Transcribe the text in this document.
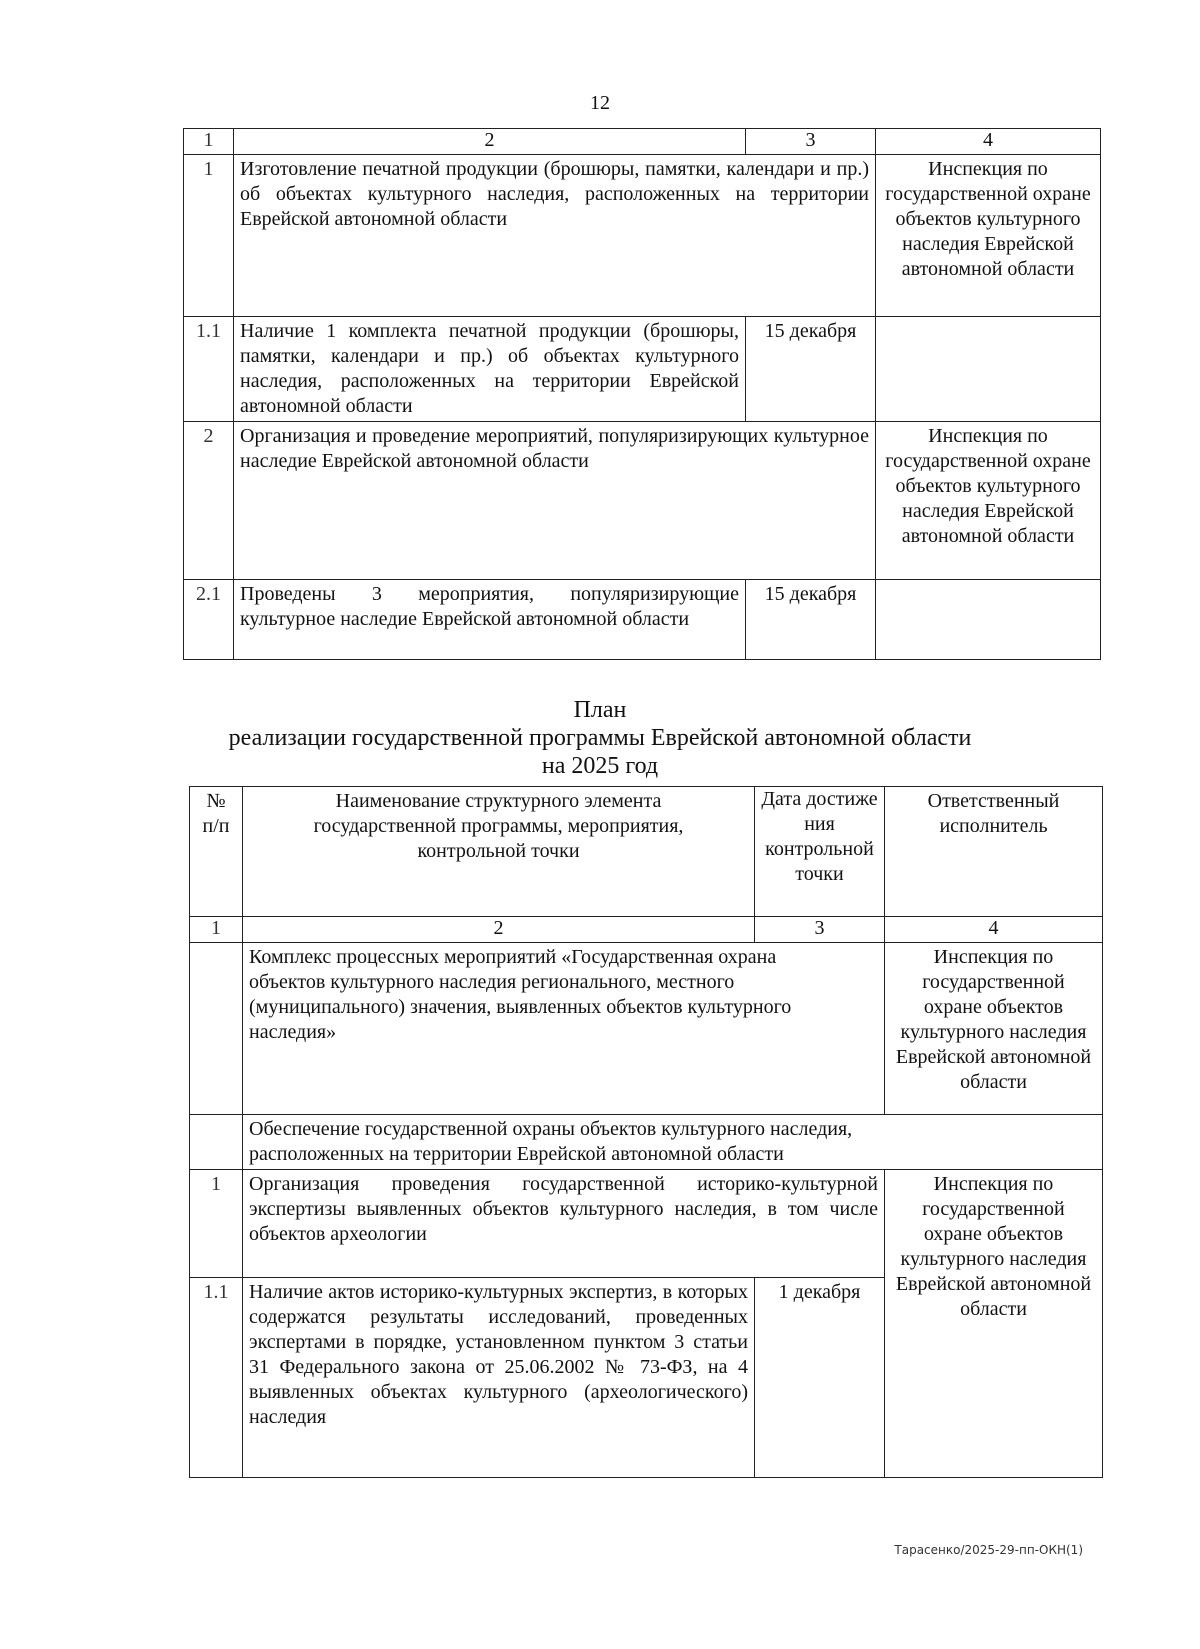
12
1	2	3	4
1	Изготовление печатной продукции (брошюры, памятки, календари и пр.) об объектах культурного наследия, расположенных на территории Еврейской автономной области		Инспекция по государственной охране объектов культурного наследия Еврейской автономной области
1.1	Наличие 1 комплекта печатной продукции (брошюры, памятки, календари и пр.) об объектах культурного наследия, расположенных на территории Еврейской автономной области	15 декабря	
2	Организация и проведение мероприятий, популяризирующих культурное наследие Еврейской автономной области		Инспекция по государственной охране объектов культурного наследия Еврейской автономной области
2.1	Проведены 3 мероприятия, популяризирующие культурное наследие Еврейской автономной области	15 декабря	
План
реализации государственной программы Еврейской автономной области
на 2025 год
№ п/п	Наименование структурного элемента государственной программы, мероприятия, контрольной точки	Дата достиже ния контрольной точки	Ответственный исполнитель
1	2	3	4
	Комплекс процессных мероприятий «Государственная охрана объектов культурного наследия регионального, местного (муниципального) значения, выявленных объектов культурного наследия»		Инспекция по государственной охране объектов культурного наследия Еврейской автономной области
	Обеспечение государственной охраны объектов культурного наследия, расположенных на территории Еврейской автономной области		
1	Организация проведения государственной историко-культурной экспертизы выявленных объектов культурного наследия, в том числе объектов археологии		Инспекция по государственной охране объектов культурного наследия Еврейской автономной области
1.1	Наличие актов историко-культурных экспертиз, в которых содержатся результаты исследований, проведенных экспертами в порядке, установленном пунктом 3 статьи 31 Федерального закона от 25.06.2002 № 73-ФЗ, на 4 выявленных объектах культурного (археологического) наследия	1 декабря	
Тарасенко/2025-29-пп-ОКН(1)
